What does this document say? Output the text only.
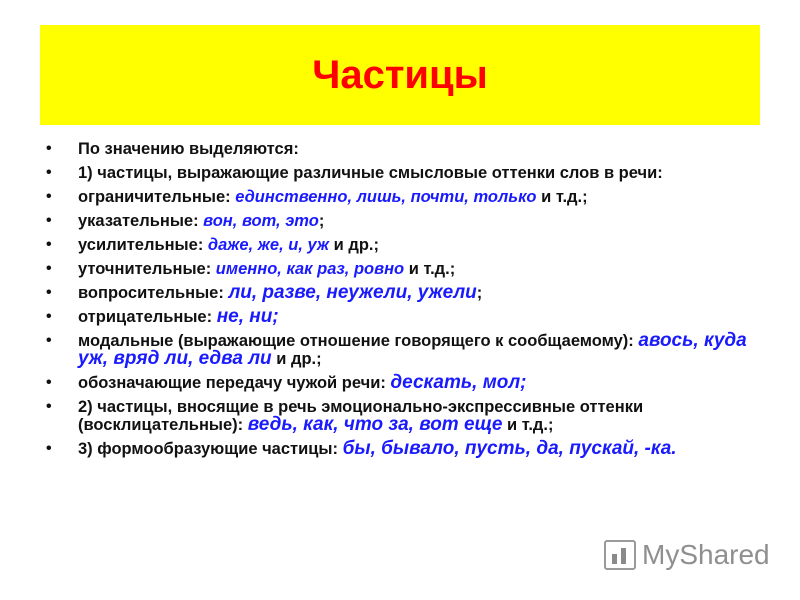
Частицы
• По значению выделяются:
• 1) частицы, выражающие различные смысловые оттенки слов в речи:
• ограничительные: единственно, лишь, почти, только и т.д.;
• указательные: вон, вот, это;
• усилительные: даже, же, и, уж и др.;
• уточнительные: именно, как раз, ровно и т.д.;
• вопросительные: ли, разве, неужели, ужели;
• отрицательные: не, ни;
• модальные (выражающие отношение говорящего к сообщаемому): авось, куда уж, вряд ли, едва ли и др.;
• обозначающие передачу чужой речи: дескать, мол;
• 2) частицы, вносящие в речь эмоционально-экспрессивные оттенки (восклицательные): ведь, как, что за, вот еще и т.д.;
• 3) формообразующие частицы: бы, бывало, пусть, да, пускай, -ка.
MyShared
